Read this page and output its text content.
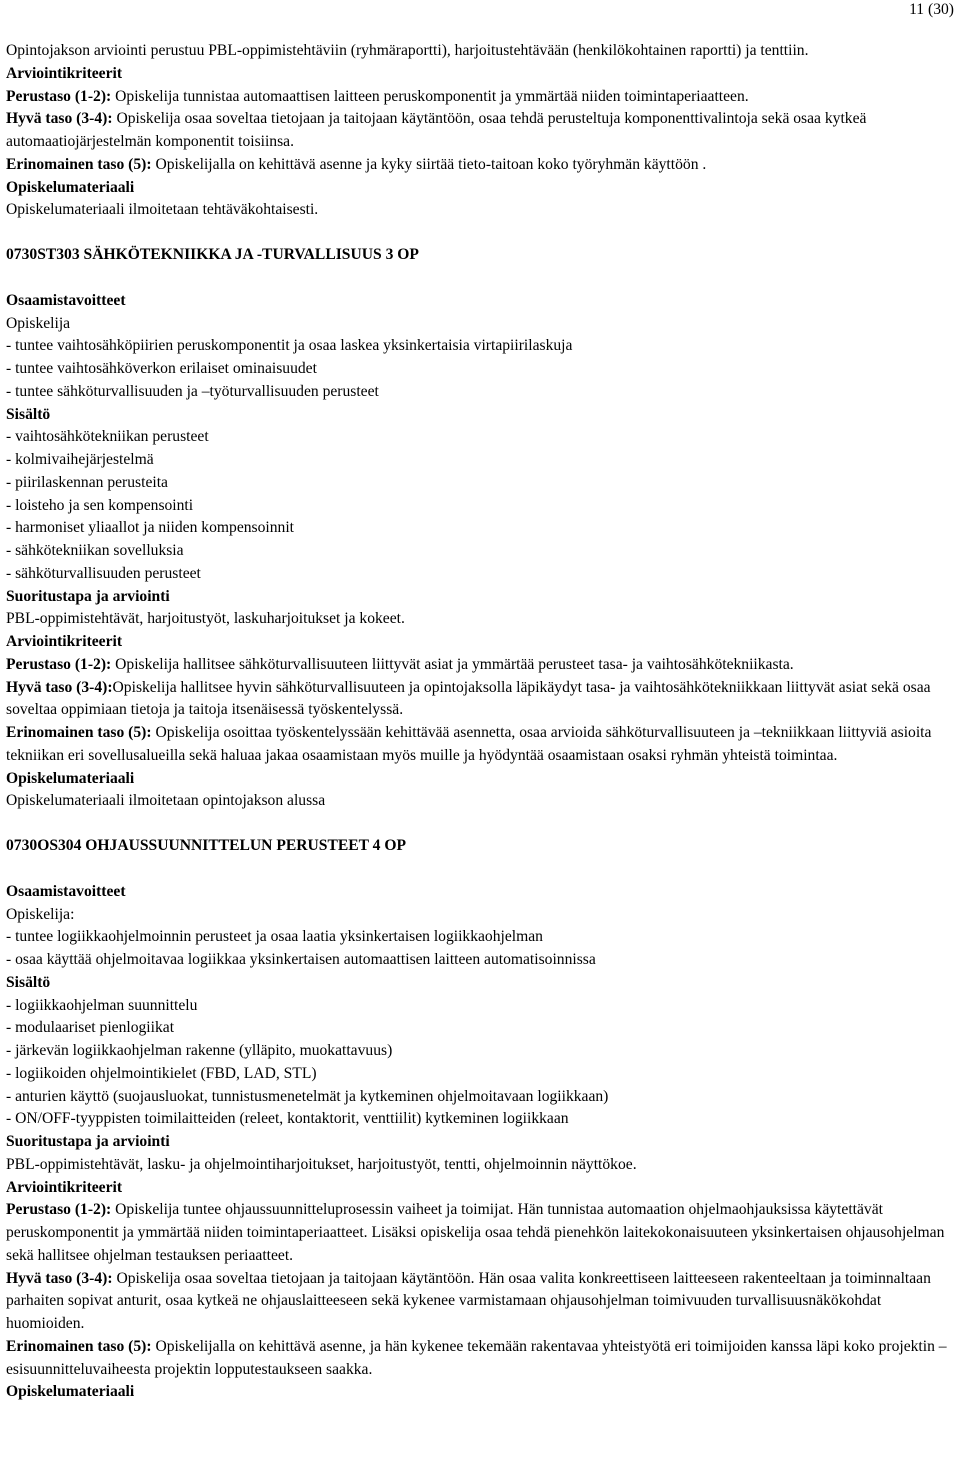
11 (30)

Opintojakson arviointi perustuu PBL-oppimistehtäviin (ryhmäraportti), harjoitustehtävään (henkilökohtainen raportti) ja tenttiin.

Arviointikriteerit

Perustaso (1-2): Opiskelija tunnistaa automaattisen laitteen peruskomponentit ja ymmärtää niiden toimintaperiaatteen.

Hyvä taso (3-4): Opiskelija osaa soveltaa tietojaan ja taitojaan käytäntöön, osaa tehdä perusteltuja komponenttivalintoja sekä osaa kytkeä automaatiojärjestelmän komponentit toisiinsa.

Erinomainen taso (5): Opiskelijalla on kehittävä asenne ja kyky siirtää tieto-taitoan koko työryhmän käyttöön .

Opiskelumateriaali

Opiskelumateriaali ilmoitetaan tehtäväkohtaisesti.

0730ST303 SÄHKÖTEKNIIKKA JA -TURVALLISUUS 3 OP

Osaamistavoitteet

Opiskelija

- tuntee vaihtosähköpiirien peruskomponentit ja osaa laskea yksinkertaisia virtapiirilaskuja

- tuntee vaihtosähköverkon erilaiset ominaisuudet

- tuntee sähköturvallisuuden ja –työturvallisuuden perusteet

Sisältö

- vaihtosähkötekniikan perusteet

- kolmivaihejärjestelmä

- piirilaskennan perusteita

- loisteho ja sen kompensointi

- harmoniset yliaallot ja niiden kompensoinnit

- sähkötekniikan sovelluksia

- sähköturvallisuuden perusteet

Suoritustapa ja arviointi

PBL-oppimistehtävät, harjoitustyöt, laskuharjoitukset ja kokeet.

Arviointikriteerit

Perustaso (1-2): Opiskelija hallitsee sähköturvallisuuteen liittyvät asiat ja ymmärtää perusteet tasa- ja vaihtosähkötekniikasta.

Hyvä taso (3-4):Opiskelija hallitsee hyvin sähköturvallisuuteen ja opintojaksolla läpikäydyt tasa- ja vaihtosähkötekniikkaan liittyvät asiat sekä osaa soveltaa oppimiaan tietoja ja taitoja itsenäisessä työskentelyssä.

Erinomainen taso (5): Opiskelija osoittaa työskentelyssään kehittävää asennetta, osaa arvioida sähköturvallisuuteen ja –tekniikkaan liittyviä asioita tekniikan eri sovellusalueilla sekä haluaa jakaa osaamistaan myös muille ja hyödyntää osaamistaan osaksi ryhmän yhteistä toimintaa.

Opiskelumateriaali

Opiskelumateriaali ilmoitetaan opintojakson alussa

0730OS304 OHJAUSSUUNNITTELUN PERUSTEET 4 OP

Osaamistavoitteet

Opiskelija:

- tuntee logiikkaohjelmoinnin perusteet ja osaa laatia yksinkertaisen logiikkaohjelman

- osaa käyttää ohjelmoitavaa logiikkaa yksinkertaisen automaattisen laitteen automatisoinnissa

Sisältö

- logiikkaohjelman suunnittelu

- modulaariset pienlogiikat

- järkevän logiikkaohjelman rakenne (ylläpito, muokattavuus)

- logiikoiden ohjelmointikielet (FBD, LAD, STL)

- anturien käyttö (suojausluokat, tunnistusmenetelmät ja kytkeminen ohjelmoitavaan logiikkaan)

- ON/OFF-tyyppisten toimilaitteiden (releet, kontaktorit, venttiilit) kytkeminen logiikkaan

Suoritustapa ja arviointi

PBL-oppimistehtävät, lasku- ja ohjelmointiharjoitukset, harjoitustyöt, tentti, ohjelmoinnin näyttökoe.

Arviointikriteerit

Perustaso (1-2): Opiskelija tuntee ohjaussuunnitteluprosessin vaiheet ja toimijat. Hän tunnistaa automaation ohjelmaohjauksissa käytettävät peruskomponentit ja ymmärtää niiden toimintaperiaatteet. Lisäksi opiskelija osaa tehdä pienehkön laitekokonaisuuteen yksinkertaisen ohjausohjelman sekä hallitsee ohjelman testauksen periaatteet.

Hyvä taso (3-4): Opiskelija osaa soveltaa tietojaan ja taitojaan käytäntöön. Hän osaa valita konkreettiseen laitteeseen rakenteeltaan ja toiminnaltaan parhaiten sopivat anturit, osaa kytkeä ne ohjauslaitteeseen sekä kykenee varmistamaan ohjausohjelman toimivuuden turvallisuusnäkökohdat huomioiden.

Erinomainen taso (5): Opiskelijalla on kehittävä asenne, ja hän kykenee tekemään rakentavaa yhteistyötä eri toimijoiden kanssa läpi koko projektin – esisuunnitteluvaiheesta projektin lopputestaukseen saakka.

Opiskelumateriaali
